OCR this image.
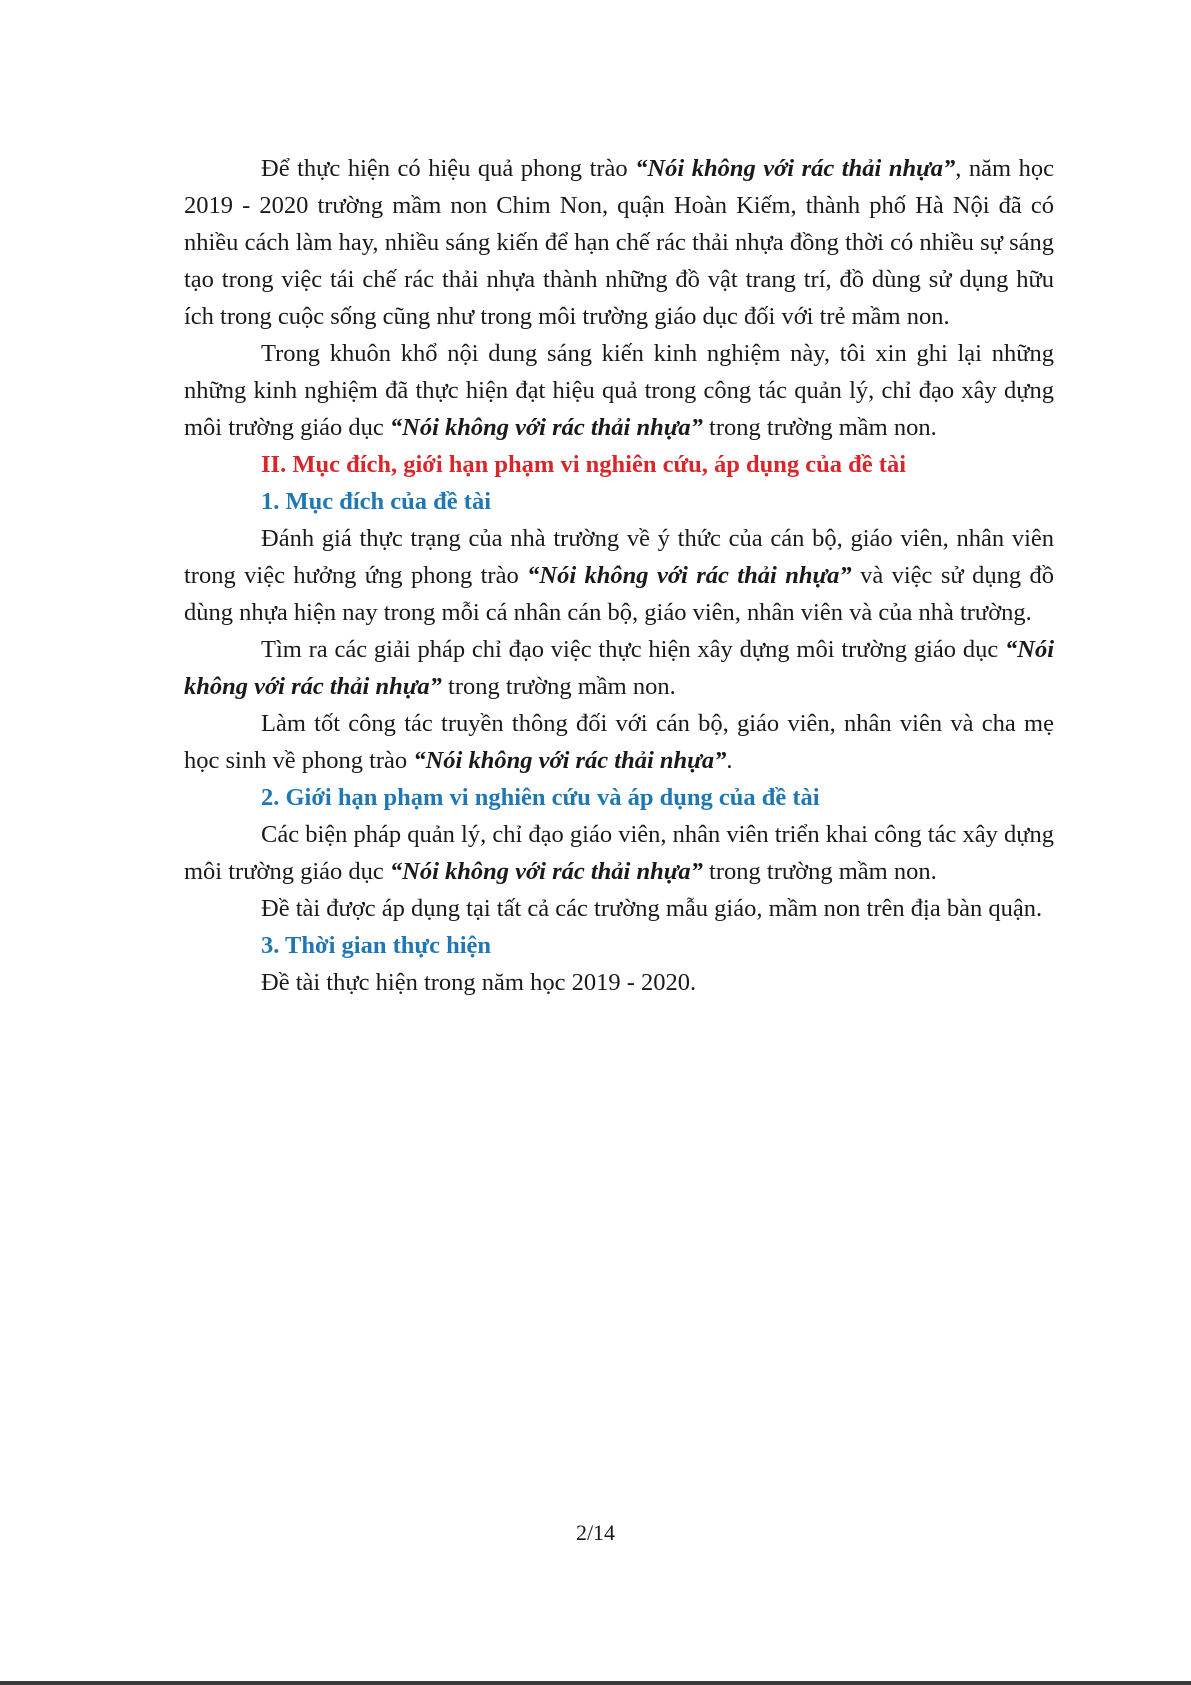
Để thực hiện có hiệu quả phong trào “Nói không với rác thải nhựa”, năm học 2019 - 2020 trường mầm non Chim Non, quận Hoàn Kiếm, thành phố Hà Nội đã có nhiều cách làm hay, nhiều sáng kiến để hạn chế rác thải nhựa đồng thời có nhiều sự sáng tạo trong việc tái chế rác thải nhựa thành những đồ vật trang trí, đồ dùng sử dụng hữu ích trong cuộc sống cũng như trong môi trường giáo dục đối với trẻ mầm non.

Trong khuôn khổ nội dung sáng kiến kinh nghiệm này, tôi xin ghi lại những những kinh nghiệm đã thực hiện đạt hiệu quả trong công tác quản lý, chỉ đạo xây dựng môi trường giáo dục “Nói không với rác thải nhựa” trong trường mầm non.

II. Mục đích, giới hạn phạm vi nghiên cứu, áp dụng của đề tài

1. Mục đích của đề tài

Đánh giá thực trạng của nhà trường về ý thức của cán bộ, giáo viên, nhân viên trong việc hưởng ứng phong trào “Nói không với rác thải nhựa” và việc sử dụng đồ dùng nhựa hiện nay trong mỗi cá nhân cán bộ, giáo viên, nhân viên và của nhà trường.

Tìm ra các giải pháp chỉ đạo việc thực hiện xây dựng môi trường giáo dục “Nói không với rác thải nhựa” trong trường mầm non.

Làm tốt công tác truyền thông đối với cán bộ, giáo viên, nhân viên và cha mẹ học sinh về phong trào “Nói không với rác thải nhựa”.

2. Giới hạn phạm vi nghiên cứu và áp dụng của đề tài

Các biện pháp quản lý, chỉ đạo giáo viên, nhân viên triển khai công tác xây dựng môi trường giáo dục “Nói không với rác thải nhựa” trong trường mầm non.

Đề tài được áp dụng tại tất cả các trường mẫu giáo, mầm non trên địa bàn quận.

3. Thời gian thực hiện

Đề tài thực hiện trong năm học 2019 - 2020.

2/14
